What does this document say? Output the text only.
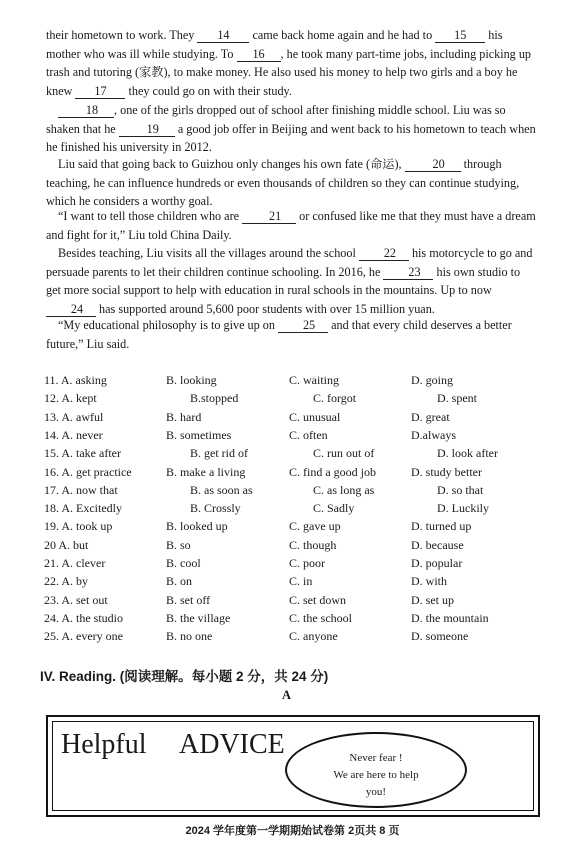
their hometown to work. They 14 came back home again and he had to 15 his mother who was ill while studying. To 16 , he took many part-time jobs, including picking up trash and tutoring (家教), to make money. He also used his money to help two girls and a boy he knew 17 they could go on with their study.

18 , one of the girls dropped out of school after finishing middle school. Liu was so shaken that he 19 a good job offer in Beijing and went back to his hometown to teach when he finished his university in 2012.

Liu said that going back to Guizhou only changes his own fate (命运), 20 through teaching, he can influence hundreds or even thousands of children so they can continue studying, which he considers a worthy goal.

“I want to tell those children who are 21 or confused like me that they must have a dream and fight for it,” Liu told China Daily.

Besides teaching, Liu visits all the villages around the school 22 his motorcycle to go and persuade parents to let their children continue schooling. In 2016, he 23 his own studio to get more social support to help with education in rural schools in the mountains. Up to now 24 has supported around 5,600 poor students with over 15 million yuan.

“My educational philosophy is to give up on 25 and that every child deserves a better future,” Liu said.

11. A. asking	B. looking	C. waiting	D. going
12. A. kept	B.stopped	C. forgot	D. spent
13. A. awful	B. hard	C. unusual	D. great
14. A. never	B. sometimes	C. often	D.always
15. A. take after	B. get rid of	C. run out of	D. look after
16. A. get practice	B. make a living	C. find a good job	D. study better
17. A. now that	B. as soon as	C. as long as	D. so that
18. A. Excitedly	B. Crossly	C. Sadly	D. Luckily
19. A. took up	B. looked up	C. gave up	D. turned up
20 A. but	B. so	C. though	D. because
21. A. clever	B. cool	C. poor	D. popular
22. A. by	B. on	C. in	D. with
23. A. set out	B. set off	C. set down	D. set up
24. A. the studio	B. the village	C. the school	D. the mountain
25. A. every one	B. no one	C. anyone	D. someone
IV. Reading. (阅读理解。每小题 2 分，共 24 分)
A
Helpful ADVICE	Never fear !
We are here to help
you!
2024 学年度第一学期期始试卷第 2页共 8 页
